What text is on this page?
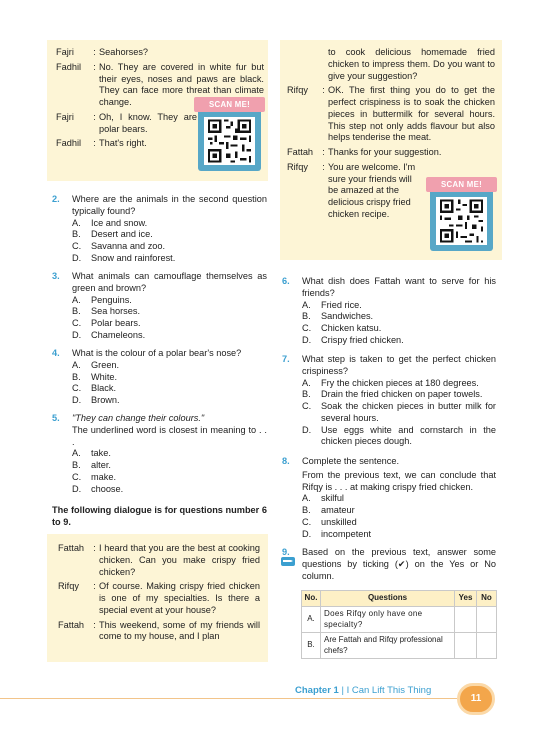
Fajri	: Seahorses?
Fadhil	: No. They are covered in white fur but their eyes, noses and paws are black. They can face more threat than climate change.
Fajri	: Oh, I know. They are polar bears.
Fadhil	: That's right.
SCAN ME!
2.	Where are the animals in the second question typically found?
A.	Ice and snow.
B.	Desert and ice.
C.	Savanna and zoo.
D.	Snow and rainforest.
3.	What animals can camouflage themselves as green and brown?
A.	Penguins.
B.	Sea horses.
C.	Polar bears.
D.	Chameleons.
4.	What is the colour of a polar bear's nose?
A.	Green.
B.	White.
C.	Black.
D.	Brown.
5.	"They can change their colours."
The underlined word is closest in meaning to . . .
A.	take.
B.	alter.
C.	make.
D.	choose.
The following dialogue is for questions number 6 to 9.
Fattah : I heard that you are the best at cooking chicken. Can you make crispy fried chicken?
Rifqy	: Of course. Making crispy fried chicken is one of my specialties. Is there a special event at your house?
Fattah : This weekend, some of my friends will come to my house, and I plan
to cook delicious homemade fried chicken to impress them. Do you want to give your suggestion?
Rifqy	: OK. The first thing you do to get the perfect crispiness is to soak the chicken pieces in buttermilk for several hours. This step not only adds flavour but also helps tenderise the meat.
Fattah : Thanks for your suggestion.
Rifqy	: You are welcome. I'm sure your friends will be amazed at the delicious crispy fried chicken recipe.
SCAN ME!
6.	What dish does Fattah want to serve for his friends?
A.	Fried rice.
B.	Sandwiches.
C.	Chicken katsu.
D.	Crispy fried chicken.
7.	What step is taken to get the perfect chicken crispiness?
A.	Fry the chicken pieces at 180 degrees.
B.	Drain the fried chicken on paper towels.
C.	Soak the chicken pieces in butter milk for several hours.
D.	Use eggs white and cornstarch in the chicken pieces dough.
8.	Complete the sentence.
From the previous text, we can conclude that Rifqy is . . . at making crispy fried chicken.
A.	skilful
B.	amateur
C.	unskilled
D.	incompetent
9.	Based on the previous text, answer some questions by ticking (✔) on the Yes or No column.
No.	Questions	Yes	No
A.	Does Rifqy only have one specialty?		
B.	Are Fattah and Rifqy professional chefs?		
Chapter 1 | I Can Lift This Thing
11
